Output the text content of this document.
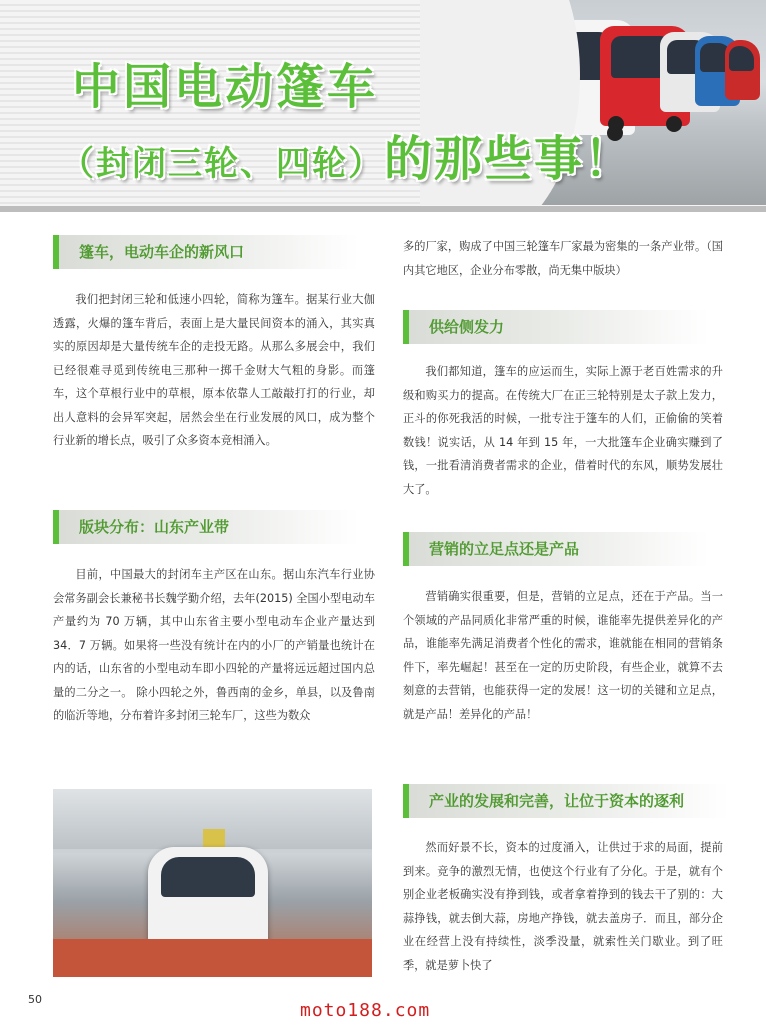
中国电动篷车
（封闭三轮、四轮）的那些事！
篷车，电动车企的新风口

我们把封闭三轮和低速小四轮，简称为篷车。据某行业大伽透露，火爆的篷车背后，表面上是大量民间资本的涌入，其实真实的原因却是大量传统车企的走投无路。从那么多展会中，我们已经很难寻觅到传统电三那种一掷千金财大气粗的身影。而篷车，这个草根行业中的草根，原本依靠人工敲敲打打的行业，却出人意料的会异军突起，居然会坐在行业发展的风口，成为整个行业新的增长点，吸引了众多资本竞相涌入。

版块分布：山东产业带

目前，中国最大的封闭车主产区在山东。据山东汽车行业协会常务副会长兼秘书长魏学勤介绍，去年(2015) 全国小型电动车产量约为 70 万辆，其中山东省主要小型电动车企业产量达到 34．7 万辆。如果将一些没有统计在内的小厂的产销量也统计在内的话，山东省的小型电动车即小四轮的产量将远远超过国内总量的二分之一。 除小四轮之外，鲁西南的金乡，单县，以及鲁南的临沂等地，分布着许多封闭三轮车厂，这些为数众

多的厂家，购成了中国三轮篷车厂家最为密集的一条产业带。（国内其它地区，企业分布零散，尚无集中版块）

供给侧发力

我们都知道，篷车的应运而生，实际上源于老百姓需求的升级和购买力的提高。在传统大厂在正三轮特别是太子款上发力，正斗的你死我活的时候，一批专注于篷车的人们，正偷偷的笑着数钱！说实话，从 14 年到 15 年，一大批篷车企业确实赚到了钱，一批看清消费者需求的企业，借着时代的东风，顺势发展壮大了。

营销的立足点还是产品

营销确实很重要，但是，营销的立足点，还在于产品。当一个领域的产品同质化非常严重的时候，谁能率先提供差异化的产品，谁能率先满足消费者个性化的需求，谁就能在相同的营销条件下，率先崛起！甚至在一定的历史阶段，有些企业，就算不去刻意的去营销，也能获得一定的发展！这一切的关键和立足点，就是产品！差异化的产品！

产业的发展和完善，让位于资本的逐利

然而好景不长，资本的过度涌入，让供过于求的局面，提前到来。竞争的激烈无情，也使这个行业有了分化。于是，就有个别企业老板确实没有挣到钱，或者拿着挣到的钱去干了别的：大蒜挣钱，就去倒大蒜，房地产挣钱，就去盖房子．而且，部分企业在经营上没有持续性，淡季没量，就索性关门歇业。到了旺季，就是萝卜快了

50
moto188.com
